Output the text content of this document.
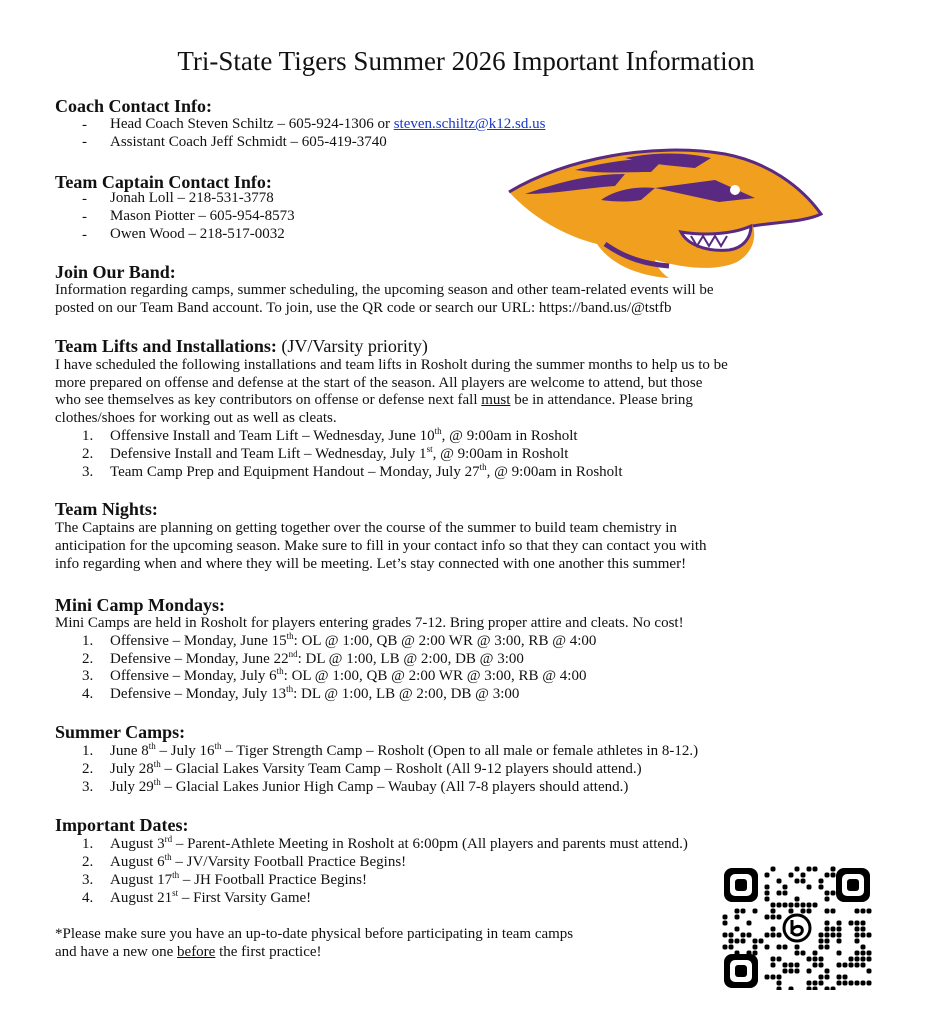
Tri-State Tigers Summer 2026 Important Information
Coach Contact Info:
- Head Coach Steven Schiltz – 605-924-1306 or steven.schiltz@k12.sd.us
- Assistant Coach Jeff Schmidt – 605-419-3740
Team Captain Contact Info:
- Jonah Loll – 218-531-3778
- Mason Piotter – 605-954-8573
- Owen Wood – 218-517-0032
Join Our Band:

Information regarding camps, summer scheduling, the upcoming season and other team-related events will be

posted on our Team Band account. To join, use the QR code or search our URL: https://band.us/@tstfb

Team Lifts and Installations: (JV/Varsity priority)

I have scheduled the following installations and team lifts in Rosholt during the summer months to help us to be

more prepared on offense and defense at the start of the season. All players are welcome to attend, but those

who see themselves as key contributors on offense or defense next fall must be in attendance. Please bring

clothes/shoes for working out as well as cleats.

1. Offensive Install and Team Lift – Wednesday, June 10th, @ 9:00am in Rosholt
2. Defensive Install and Team Lift – Wednesday, July 1st, @ 9:00am in Rosholt
3. Team Camp Prep and Equipment Handout – Monday, July 27th, @ 9:00am in Rosholt
Team Nights:

The Captains are planning on getting together over the course of the summer to build team chemistry in

anticipation for the upcoming season. Make sure to fill in your contact info so that they can contact you with

info regarding when and where they will be meeting. Let’s stay connected with one another this summer!

Mini Camp Mondays:

Mini Camps are held in Rosholt for players entering grades 7-12. Bring proper attire and cleats. No cost!

1. Offensive – Monday, June 15th: OL @ 1:00, QB @ 2:00 WR @ 3:00, RB @ 4:00
2. Defensive – Monday, June 22nd: DL @ 1:00, LB @ 2:00, DB @ 3:00
3. Offensive – Monday, July 6th: OL @ 1:00, QB @ 2:00 WR @ 3:00, RB @ 4:00
4. Defensive – Monday, July 13th: DL @ 1:00, LB @ 2:00, DB @ 3:00
Summer Camps:
1. June 8th – July 16th – Tiger Strength Camp – Rosholt (Open to all male or female athletes in 8-12.)
2. July 28th – Glacial Lakes Varsity Team Camp – Rosholt (All 9-12 players should attend.)
3. July 29th – Glacial Lakes Junior High Camp – Waubay (All 7-8 players should attend.)
Important Dates:
1. August 3rd – Parent-Athlete Meeting in Rosholt at 6:00pm (All players and parents must attend.)
2. August 6th – JV/Varsity Football Practice Begins!
3. August 17th – JH Football Practice Begins!
4. August 21st – First Varsity Game!

*Please make sure you have an up-to-date physical before participating in team camps

and have a new one before the first practice!
